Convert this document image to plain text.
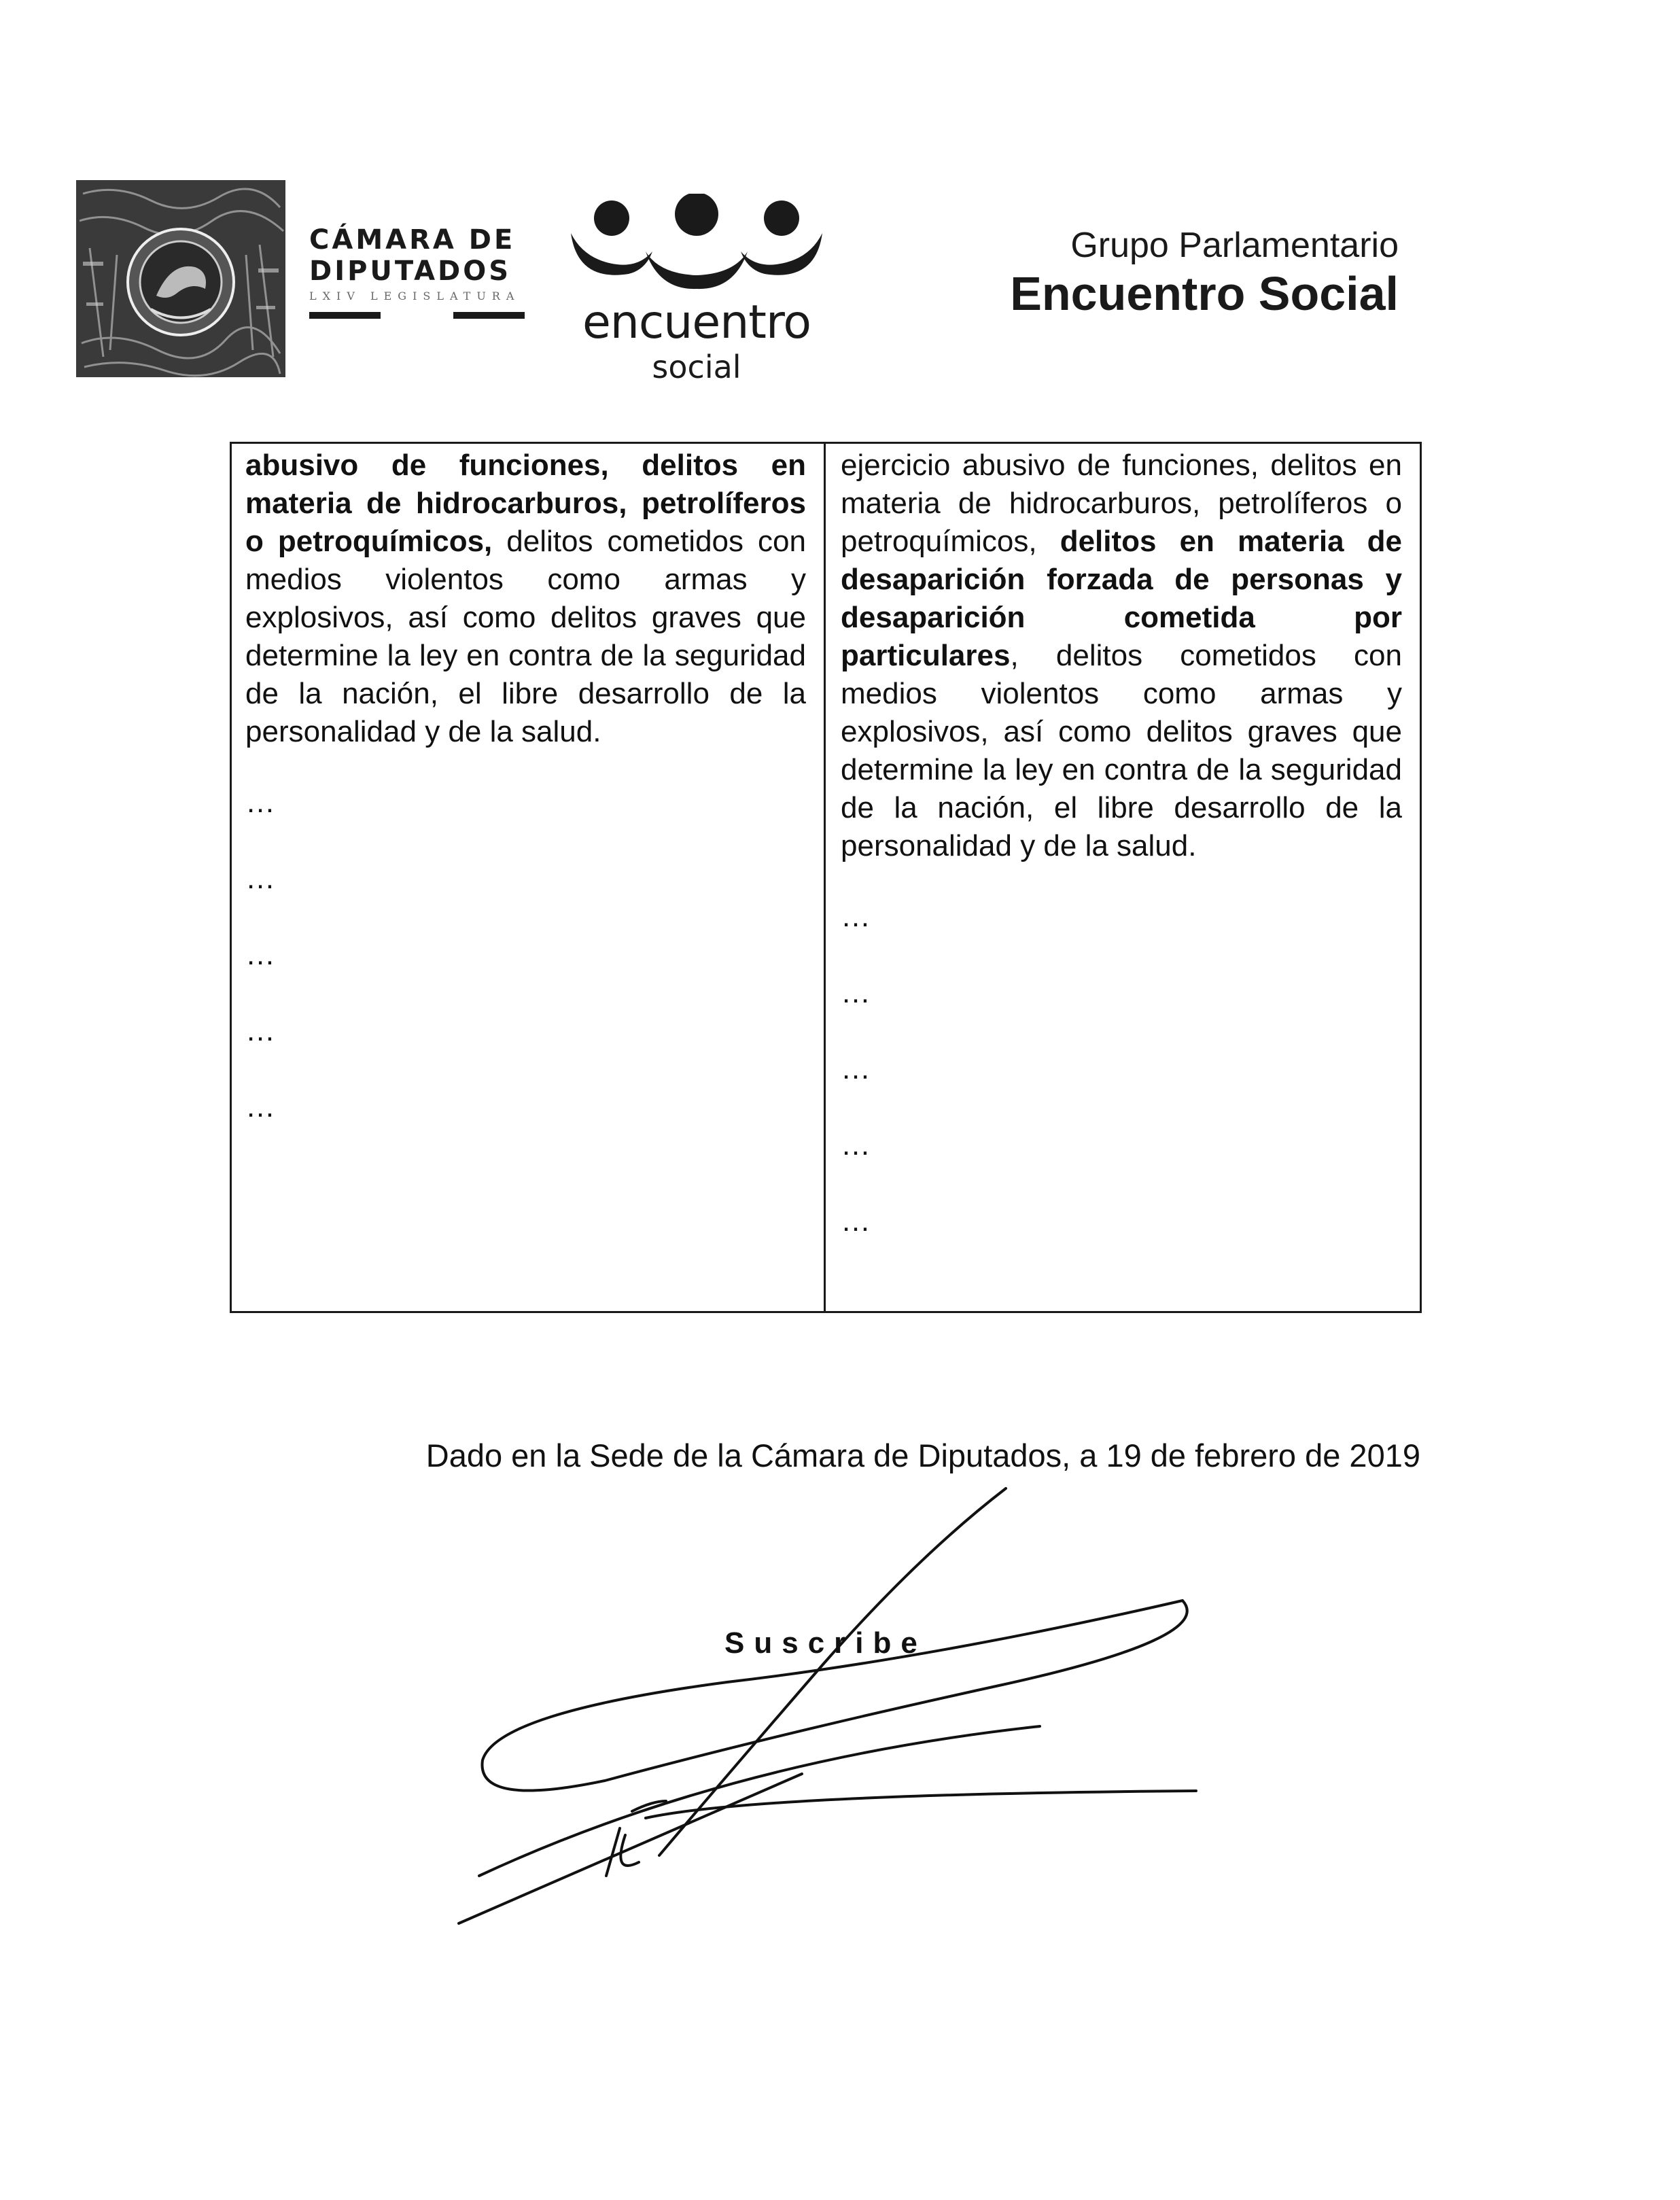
CÁMARA DE
DIPUTADOS
LXIV LEGISLATURA	encuentro
social
Grupo Parlamentario
Encuentro Social

abusivo de funciones, delitos en materia de hidrocarburos, petrolíferos o petroquímicos, delitos cometidos con medios violentos como armas y explosivos, así como delitos graves que determine la ley en contra de la seguridad de la nación, el libre desarrollo de la personalidad y de la salud.

…

…

…

…

…

ejercicio abusivo de funciones, delitos en materia de hidrocarburos, petrolíferos o petroquímicos, delitos en materia de desaparición forzada de personas y desaparición cometida por particulares, delitos cometidos con medios violentos como armas y explosivos, así como delitos graves que determine la ley en contra de la seguridad de la nación, el libre desarrollo de la personalidad y de la salud.

…

…

…

…

…

Dado en la Sede de la Cámara de Diputados, a 19 de febrero de 2019
Suscribe
